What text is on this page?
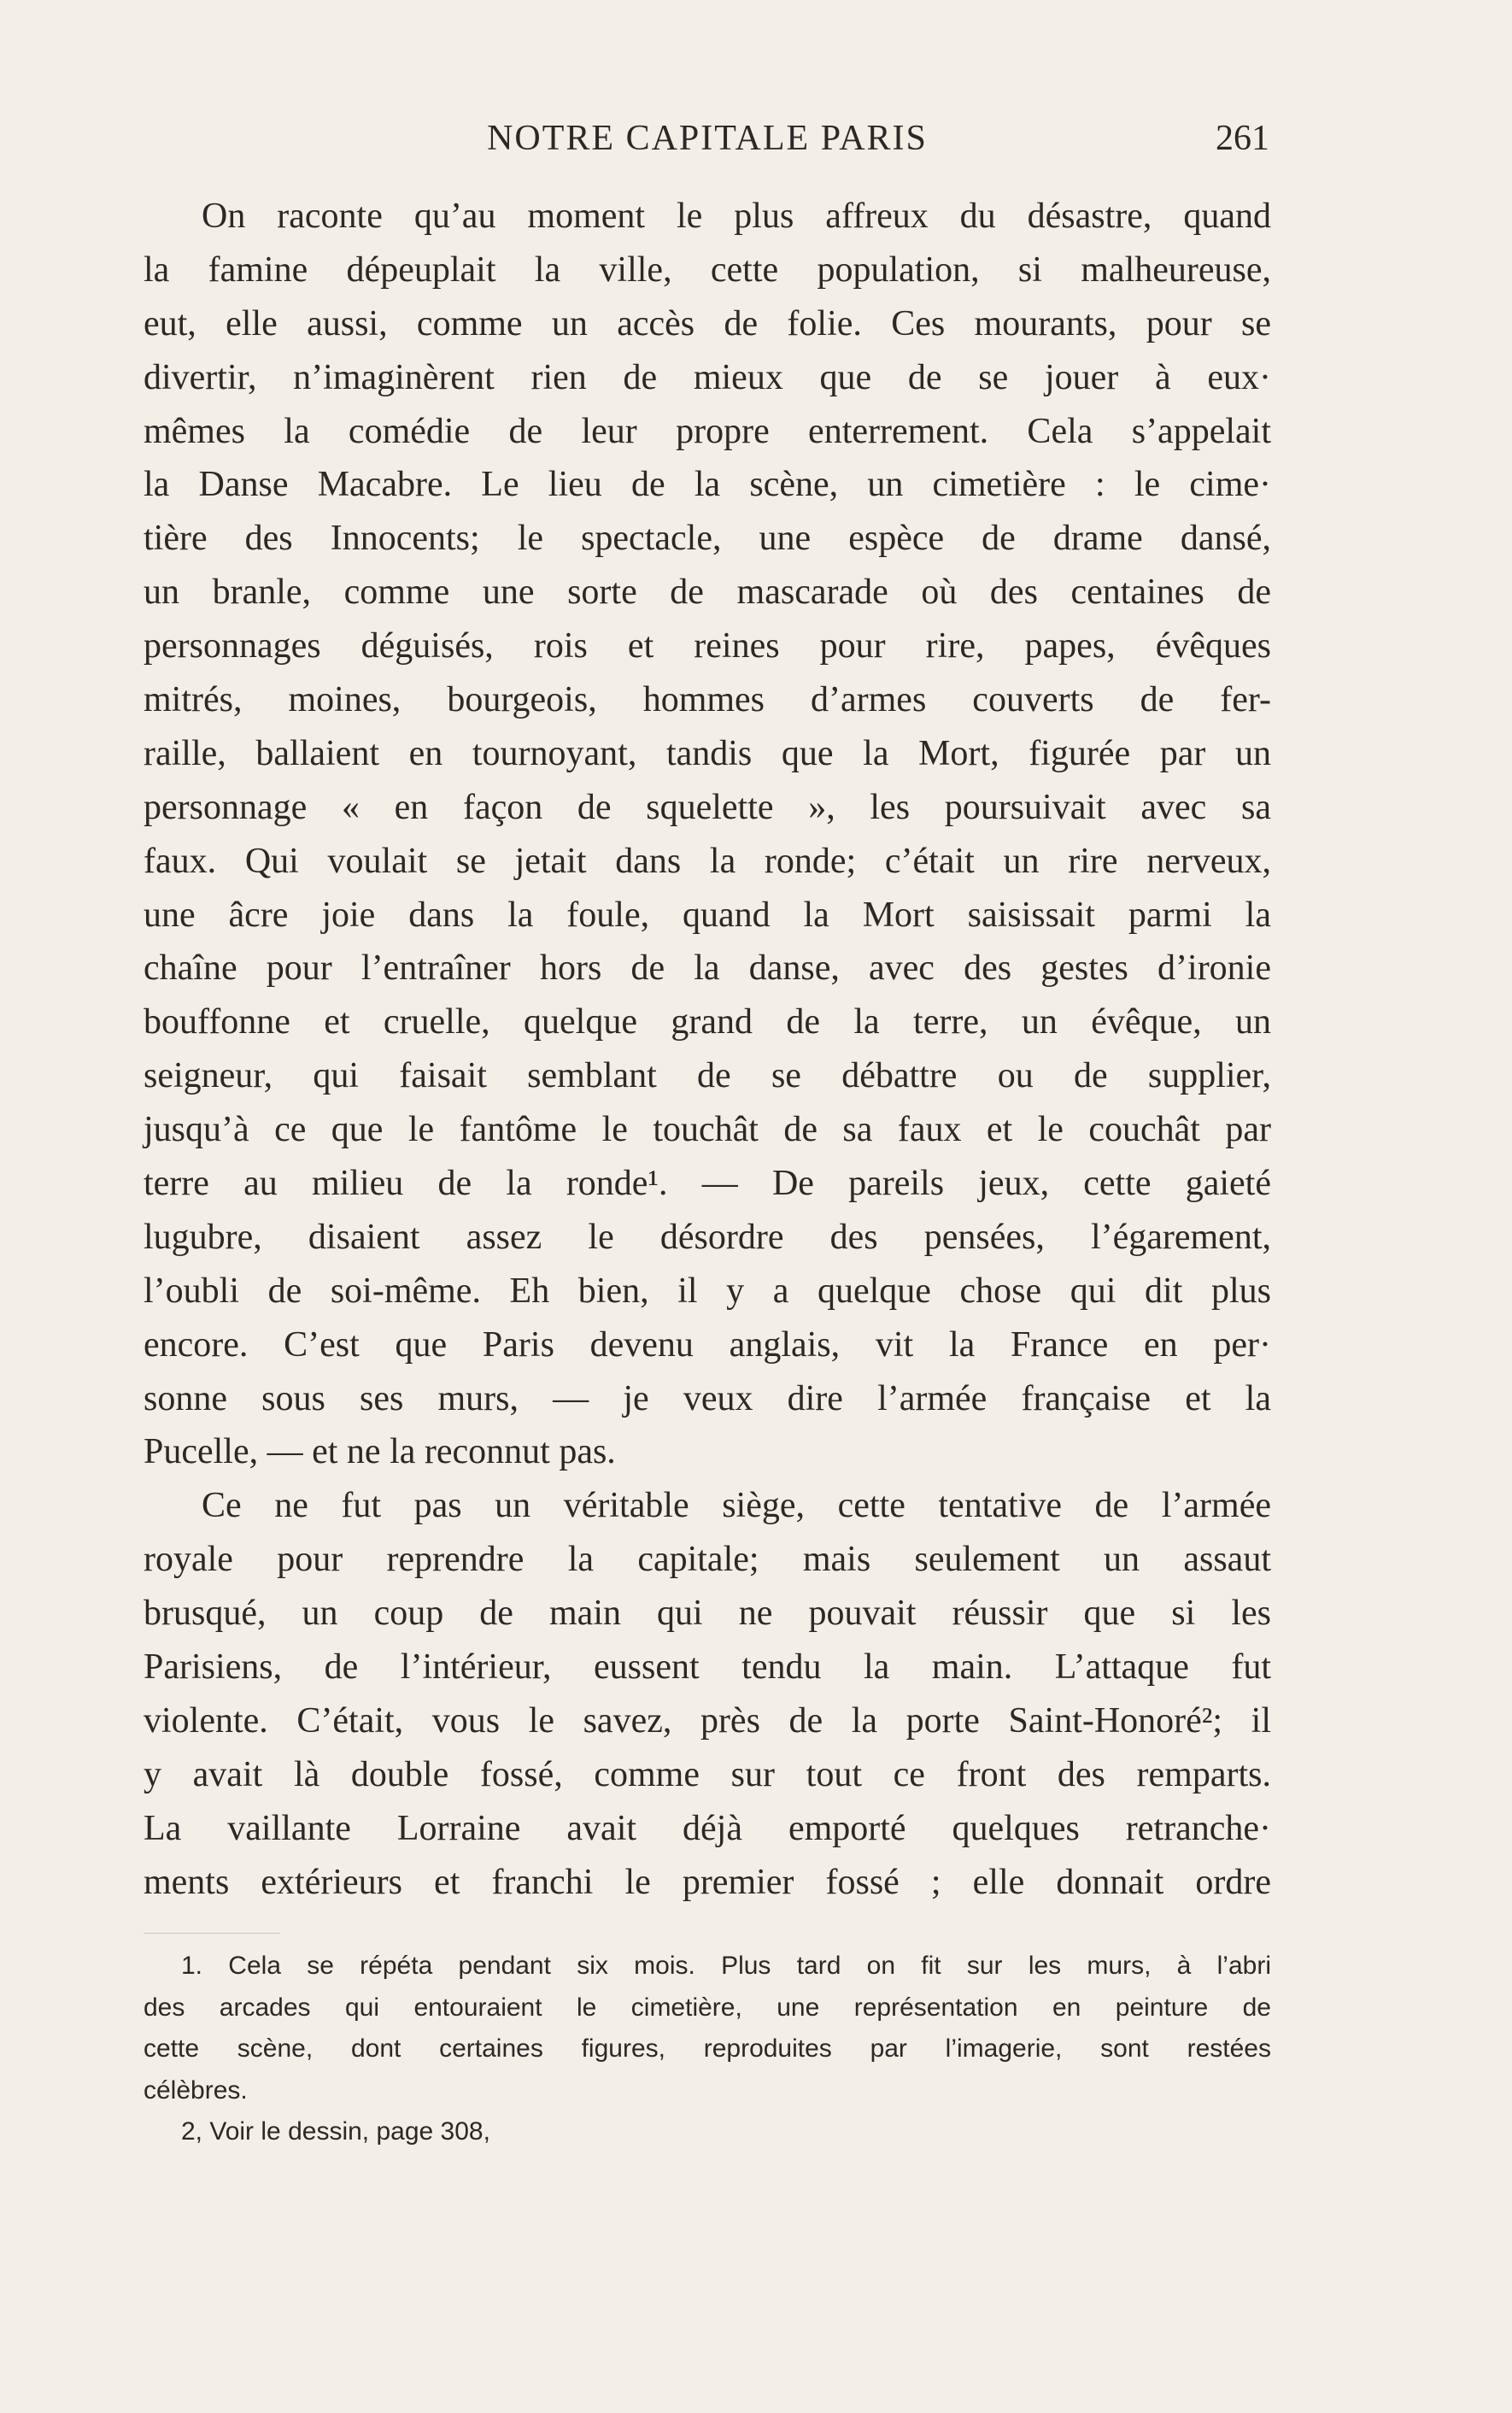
NOTRE CAPITALE PARIS	261
On raconte qu’au moment le plus affreux du désastre, quand
la famine dépeuplait la ville, cette population, si malheureuse,
eut, elle aussi, comme un accès de folie. Ces mourants, pour se
divertir, n’imaginèrent rien de mieux que de se jouer à eux·
mêmes la comédie de leur propre enterrement. Cela s’appelait
la Danse Macabre. Le lieu de la scène, un cimetière : le cime·
tière des Innocents; le spectacle, une espèce de drame dansé,
un branle, comme une sorte de mascarade où des centaines de
personnages déguisés, rois et reines pour rire, papes, évêques
mitrés, moines, bourgeois, hommes d’armes couverts de fer-
raille, ballaient en tournoyant, tandis que la Mort, figurée par un
personnage « en façon de squelette », les poursuivait avec sa
faux. Qui voulait se jetait dans la ronde; c’était un rire nerveux,
une âcre joie dans la foule, quand la Mort saisissait parmi la
chaîne pour l’entraîner hors de la danse, avec des gestes d’ironie
bouffonne et cruelle, quelque grand de la terre, un évêque, un
seigneur, qui faisait semblant de se débattre ou de supplier,
jusqu’à ce que le fantôme le touchât de sa faux et le couchât par
terre au milieu de la ronde¹. — De pareils jeux, cette gaieté
lugubre, disaient assez le désordre des pensées, l’égarement,
l’oubli de soi-même. Eh bien, il y a quelque chose qui dit plus
encore. C’est que Paris devenu anglais, vit la France en per·
sonne sous ses murs, — je veux dire l’armée française et la
Pucelle, — et ne la reconnut pas.
Ce ne fut pas un véritable siège, cette tentative de l’armée
royale pour reprendre la capitale; mais seulement un assaut
brusqué, un coup de main qui ne pouvait réussir que si les
Parisiens, de l’intérieur, eussent tendu la main. L’attaque fut
violente. C’était, vous le savez, près de la porte Saint-Honoré²; il
y avait là double fossé, comme sur tout ce front des remparts.
La vaillante Lorraine avait déjà emporté quelques retranche·
ments extérieurs et franchi le premier fossé ; elle donnait ordre
1. Cela se répéta pendant six mois. Plus tard on fit sur les murs, à l’abri
des arcades qui entouraient le cimetière, une représentation en peinture de
cette scène, dont certaines figures, reproduites par l’imagerie, sont restées
célèbres.
2, Voir le dessin, page 308,
